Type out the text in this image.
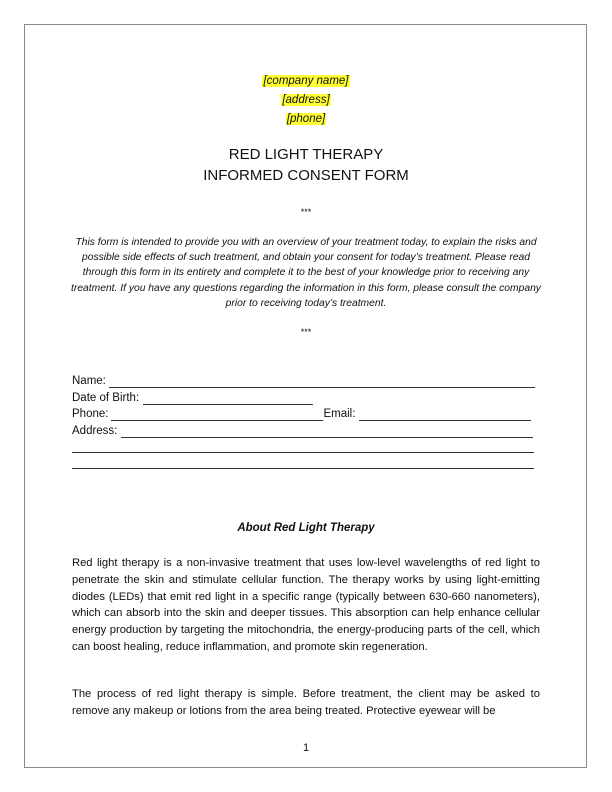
[company name]
[address]
[phone]
RED LIGHT THERAPY
INFORMED CONSENT FORM
***
This form is intended to provide you with an overview of your treatment today, to explain the risks and possible side effects of such treatment, and obtain your consent for today’s treatment. Please read through this form in its entirety and complete it to the best of your knowledge prior to receiving any treatment. If you have any questions regarding the information in this form, please consult the company prior to receiving today’s treatment.
***
Name:
Date of Birth:
Phone:	Email:
Address:
About Red Light Therapy
Red light therapy is a non-invasive treatment that uses low-level wavelengths of red light to penetrate the skin and stimulate cellular function. The therapy works by using light-emitting diodes (LEDs) that emit red light in a specific range (typically between 630-660 nanometers), which can absorb into the skin and deeper tissues. This absorption can help enhance cellular energy production by targeting the mitochondria, the energy-producing parts of the cell, which can boost healing, reduce inflammation, and promote skin regeneration.
The process of red light therapy is simple. Before treatment, the client may be asked to remove any makeup or lotions from the area being treated. Protective eyewear will be
1
